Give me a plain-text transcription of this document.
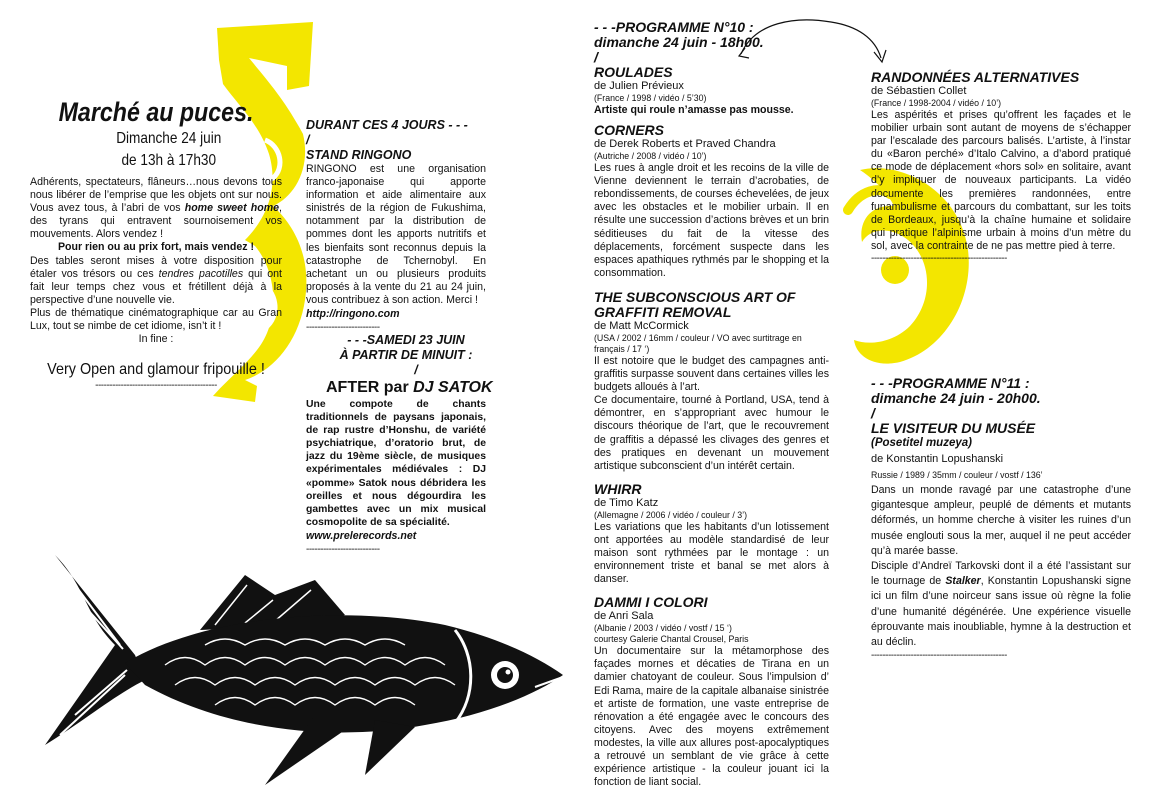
Marché au puces.
Dimanche 24 juin
de 13h à 17h30

Adhérents, spectateurs, flâneurs…nous devons tous nous libérer de l’emprise que les objets ont sur nous. Vous avez tous, à l’abri de vos home sweet home, des tyrans qui entravent sournoisement vos mouvements. Alors vendez !

Pour rien ou au prix fort, mais vendez !

Des tables seront mises à votre disposition pour étaler vos trésors ou ces tendres pacotilles qui ont fait leur temps chez vous et frétillent déjà à la perspective d’une nouvelle vie.

Plus de thématique cinématographique car au Gran Lux, tout se nimbe de cet idiome, isn’t it !

In fine :

Very Open and glamour fripouille !
-------------------------------------------
DURANT CES 4 JOURS - - -
/
STAND RINGONO

RINGONO est une organisation franco-japonaise qui apporte information et aide alimentaire aux sinistrés de la région de Fukushima, notamment par la distribution de pommes dont les apports nutritifs et les bienfaits sont reconnus depuis la catastrophe de Tchernobyl. En achetant un ou plusieurs produits proposés à la vente du 21 au 24 juin, vous contribuez à son action. Merci !

http://ringono.com

--------------------------
- - -SAMEDI 23 JUIN
À PARTIR DE MINUIT :
/
AFTER par DJ SATOK

Une compote de chants traditionnels de paysans japonais, de rap rustre d’Honshu, de variété psychiatrique, d’oratorio brut, de jazz du 19ème siècle, de musiques expérimentales médiévales : DJ «pomme» Satok nous débridera les oreilles et nous dégourdira les gambettes avec un mix musical cosmopolite de sa spécialité.

www.prelerecords.net

--------------------------
- - -PROGRAMME N°10 :
dimanche 24 juin - 18h00.
/
ROULADES
de Julien Prévieux
(France / 1998 / vidéo / 5’30)

Artiste qui roule n’amasse pas mousse.

CORNERS
de Derek Roberts et Praved Chandra
(Autriche / 2008 / vidéo / 10’)

Les rues à angle droit et les recoins de la ville de Vienne deviennent le terrain d’acrobaties, de rebondissements, de courses échevelées, de jeux avec les obstacles et le mobilier urbain. Il en résulte une succession d’actions brèves et un brin séditieuses du fait de la vitesse des déplacements, forcément suspecte dans les espaces apathiques rythmés par le shopping et la consommation.

THE SUBCONSCIOUS ART OF GRAFFITI REMOVAL
de Matt McCormick
(USA / 2002 / 16mm / couleur / VO avec surtitrage en français / 17 ‘)

Il est notoire que le budget des campagnes anti-graffitis surpasse souvent dans certaines villes les budgets alloués à l’art.

Ce documentaire, tourné à Portland, USA, tend à démontrer, en s’appropriant avec humour le discours théorique de l’art, que le recouvrement de graffitis a dépassé les clivages des genres et des pratiques en devenant un mouvement artistique subconscient d’un intérêt certain.

WHIRR
de Timo Katz
(Allemagne / 2006 / vidéo / couleur / 3’)

Les variations que les habitants d’un lotissement ont apportées au modèle standardisé de leur maison sont rythmées par le montage : un environnement triste et banal se met alors à danser.

DAMMI I COLORI
de Anri Sala
(Albanie / 2003 / vidéo / vostf / 15 ‘)
courtesy Galerie Chantal Crousel, Paris

Un documentaire sur la métamorphose des façades mornes et décaties de Tirana en un damier chatoyant de couleur. Sous l’impulsion d’ Edi Rama, maire de la capitale albanaise sinistrée et artiste de formation, une vaste entreprise de rénovation a été engagée avec le concours des citoyens. Avec des moyens extrêmement modestes, la ville aux allures post-apocalyptiques a retrouvé un semblant de vie grâce à cette expérience artistique - la couleur jouant ici la fonction de liant social.

RANDONNÉES ALTERNATIVES
de Sébastien Collet
(France / 1998-2004 / vidéo / 10’)

Les aspérités et prises qu’offrent les façades et le mobilier urbain sont autant de moyens de s’échapper par l’escalade des parcours balisés. L’artiste, à l’instar du «Baron perché» d’Italo Calvino, a d’abord pratiqué ce mode de déplacement «hors sol» en solitaire, avant d’y impliquer de nouveaux participants. La vidéo documente les premières randonnées, entre funambulisme et parcours du combattant, sur les toits de Bordeaux, jusqu’à la chaîne humaine et solidaire qui pratique l’alpinisme urbain à moins d’un mètre du sol, avec la contrainte de ne pas mettre pied à terre.

------------------------------------------------
- - -PROGRAMME N°11 :
dimanche 24 juin - 20h00.
/
LE VISITEUR DU MUSÉE
(Posetitel muzeya)
de Konstantin Lopushanski
Russie / 1989 / 35mm / couleur / vostf / 136’

Dans un monde ravagé par une catastrophe d’une gigantesque ampleur, peuplé de déments et mutants déformés, un homme cherche à visiter les ruines d’un musée englouti sous la mer, auquel il ne peut accéder qu’à marée basse.

Disciple d’Andreï Tarkovski dont il a été l’assistant sur le tournage de Stalker, Konstantin Lopushanski signe ici un film d’une noirceur sans issue où règne la folie d’une humanité dégénérée. Une expérience visuelle éprouvante mais inoubliable, hymne à la destruction et au déclin.

------------------------------------------------
